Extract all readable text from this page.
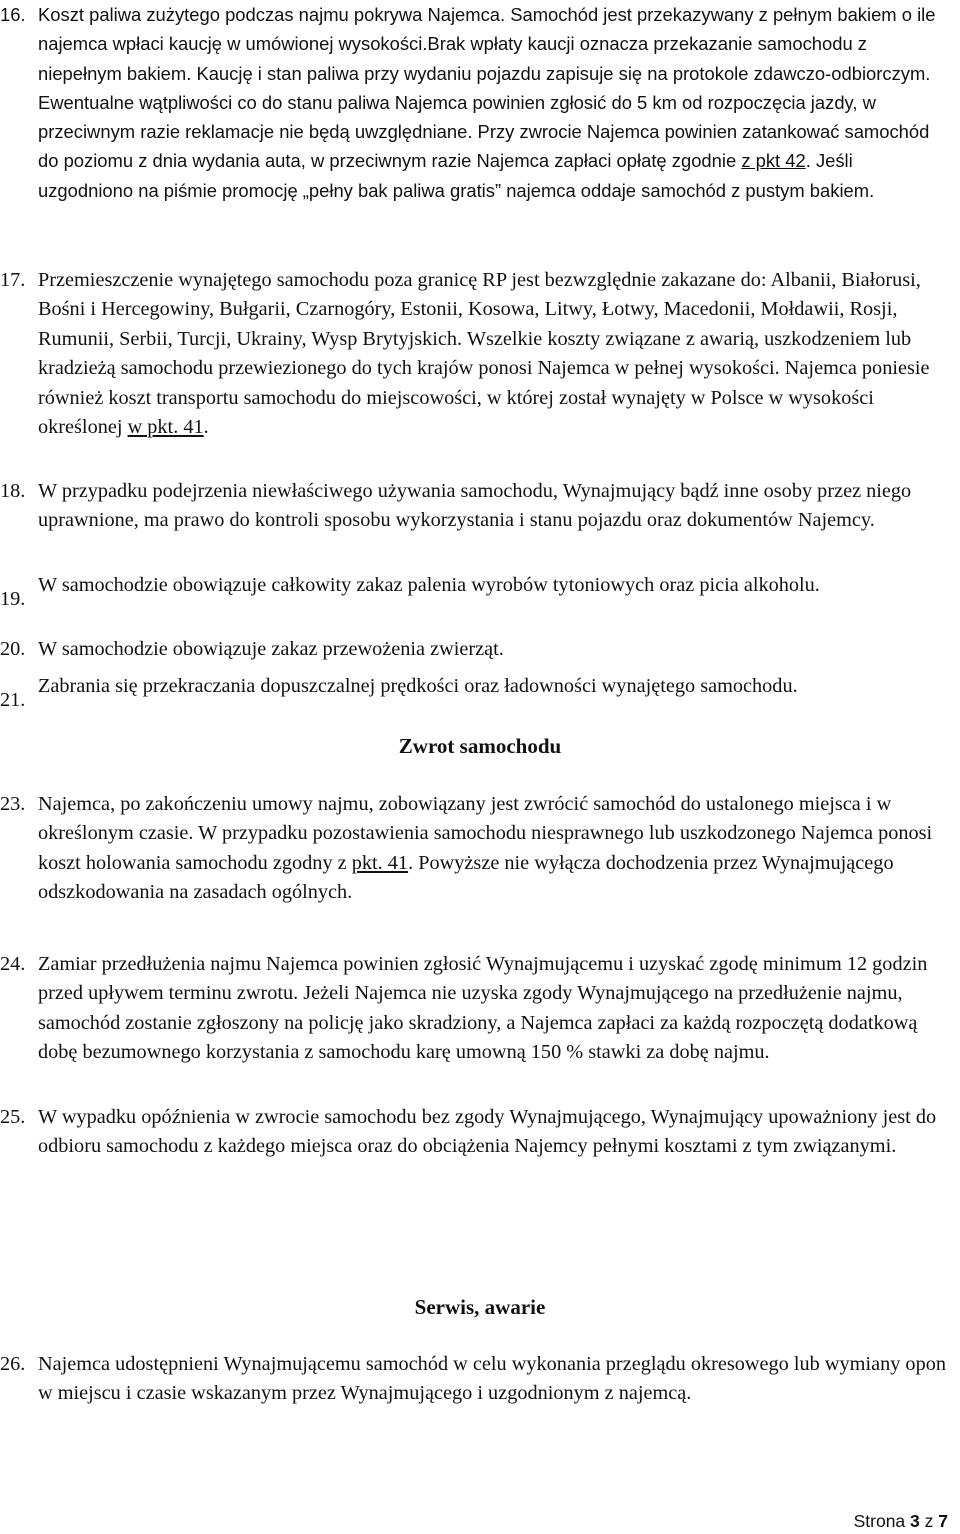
16. Koszt paliwa zużytego podczas najmu pokrywa Najemca. Samochód jest przekazywany z pełnym bakiem o ile najemca wpłaci kaucję w umówionej wysokości.Brak wpłaty kaucji oznacza przekazanie samochodu z niepełnym bakiem. Kaucję i stan paliwa przy wydaniu pojazdu zapisuje się na protokole zdawczo-odbiorczym. Ewentualne wątpliwości co do stanu paliwa Najemca powinien zgłosić do 5 km od rozpoczęcia jazdy, w przeciwnym razie reklamacje nie będą uwzględniane. Przy zwrocie Najemca powinien zatankować samochód do poziomu z dnia wydania auta, w przeciwnym razie Najemca zapłaci opłatę zgodnie z pkt 42. Jeśli uzgodniono na piśmie promocję „pełny bak paliwa gratis” najemca oddaje samochód z pustym bakiem.
17. Przemieszczenie wynajętego samochodu poza granicę RP jest bezwzględnie zakazane do: Albanii, Białorusi, Bośni i Hercegowiny, Bułgarii, Czarnogóry, Estonii, Kosowa, Litwy, Łotwy, Macedonii, Mołdawii, Rosji, Rumunii, Serbii, Turcji, Ukrainy, Wysp Brytyjskich. Wszelkie koszty związane z awarią, uszkodzeniem lub kradzieżą samochodu przewiezionego do tych krajów ponosi Najemca w pełnej wysokości. Najemca poniesie również koszt transportu samochodu do miejscowości, w której został wynajęty w Polsce w wysokości określonej w pkt. 41.
18. W przypadku podejrzenia niewłaściwego używania samochodu, Wynajmujący bądź inne osoby przez niego uprawnione, ma prawo do kontroli sposobu wykorzystania i stanu pojazdu oraz dokumentów Najemcy.
19.
W samochodzie obowiązuje całkowity zakaz palenia wyrobów tytoniowych oraz picia alkoholu.
20. W samochodzie obowiązuje zakaz przewożenia zwierząt.
21.
Zabrania się przekraczania dopuszczalnej prędkości oraz ładowności wynajętego samochodu.
Zwrot samochodu
23. Najemca, po zakończeniu umowy najmu, zobowiązany jest zwrócić samochód do ustalonego miejsca i w określonym czasie. W przypadku pozostawienia samochodu niesprawnego lub uszkodzonego Najemca ponosi koszt holowania samochodu zgodny z pkt. 41. Powyższe nie wyłącza dochodzenia przez Wynajmującego odszkodowania na zasadach ogólnych.
24. Zamiar przedłużenia najmu Najemca powinien zgłosić Wynajmującemu i uzyskać zgodę minimum 12 godzin przed upływem terminu zwrotu. Jeżeli Najemca nie uzyska zgody Wynajmującego na przedłużenie najmu, samochód zostanie zgłoszony na policję jako skradziony, a Najemca zapłaci za każdą rozpoczętą dodatkową dobę bezumownego korzystania z samochodu karę umowną 150 % stawki za dobę najmu.
25. W wypadku opóźnienia w zwrocie samochodu bez zgody Wynajmującego, Wynajmujący upoważniony jest do odbioru samochodu z każdego miejsca oraz do obciążenia Najemcy pełnymi kosztami z tym związanymi.
Serwis, awarie
26. Najemca udostępnieni Wynajmującemu samochód w celu wykonania przeglądu okresowego lub wymiany opon w miejscu i czasie wskazanym przez Wynajmującego i uzgodnionym z najemcą.
Strona 3 z 7
